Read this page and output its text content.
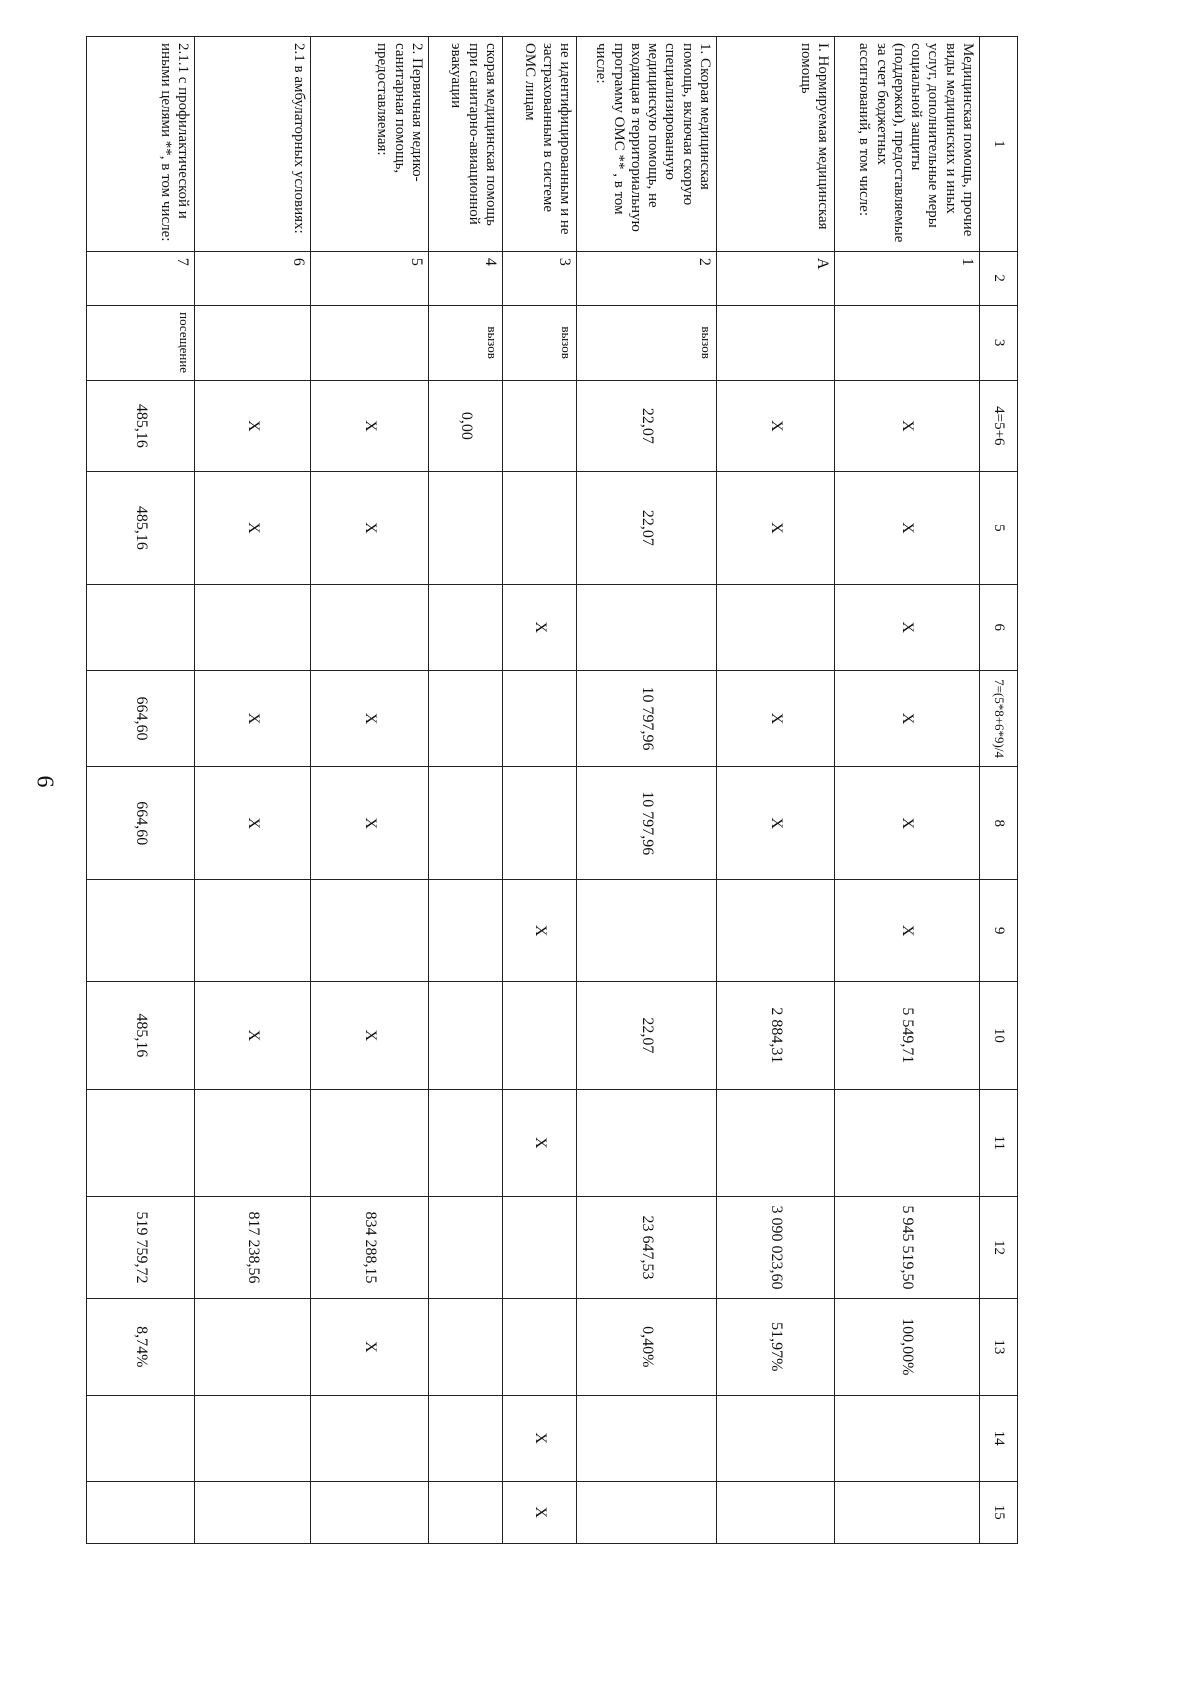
6
1	2	3	4=5+6	5	6	7=(5*8+6*9)/4	8	9	10	11	12	13	14	15
Медицинская помощь, прочие виды медицинских и иных услуг, дополнительные меры социальной защиты (поддержки), предоставляемые за счет бюджетных ассигнований, в том числе:	1		X	X	X	X	X	X	5 549,71		5 945 519,50	100,00%		
I. Нормируемая медицинская помощь	А		X	X		X	X		2 884,31		3 090 023,60	51,97%		
1. Скорая медицинская помощь, включая скорую специализированную медицинскую помощь, не входящая в территориальную программу ОМС ** , в том числе:	2	вызов	22,07	22,07		10 797,96	10 797,96		22,07		23 647,53	0,40%		
не идентифицированным и не застрахованным в системе ОМС лицам	3	вызов			X			X		X			X	X
скорая медицинская помощь при санитарно-авиационной эвакуации	4	вызов	0,00											
2. Первичная медико-санитарная помощь, предоставляемая:	5		X	X		X	X		X		834 288,15	X		
2.1 в амбулаторных условиях:	6		X	X		X	X		X		817 238,56			
2.1.1 с профилактической и иными целями **, в том числе:	7	посещение	485,16	485,16		664,60	664,60		485,16		519 759,72	8,74%		
